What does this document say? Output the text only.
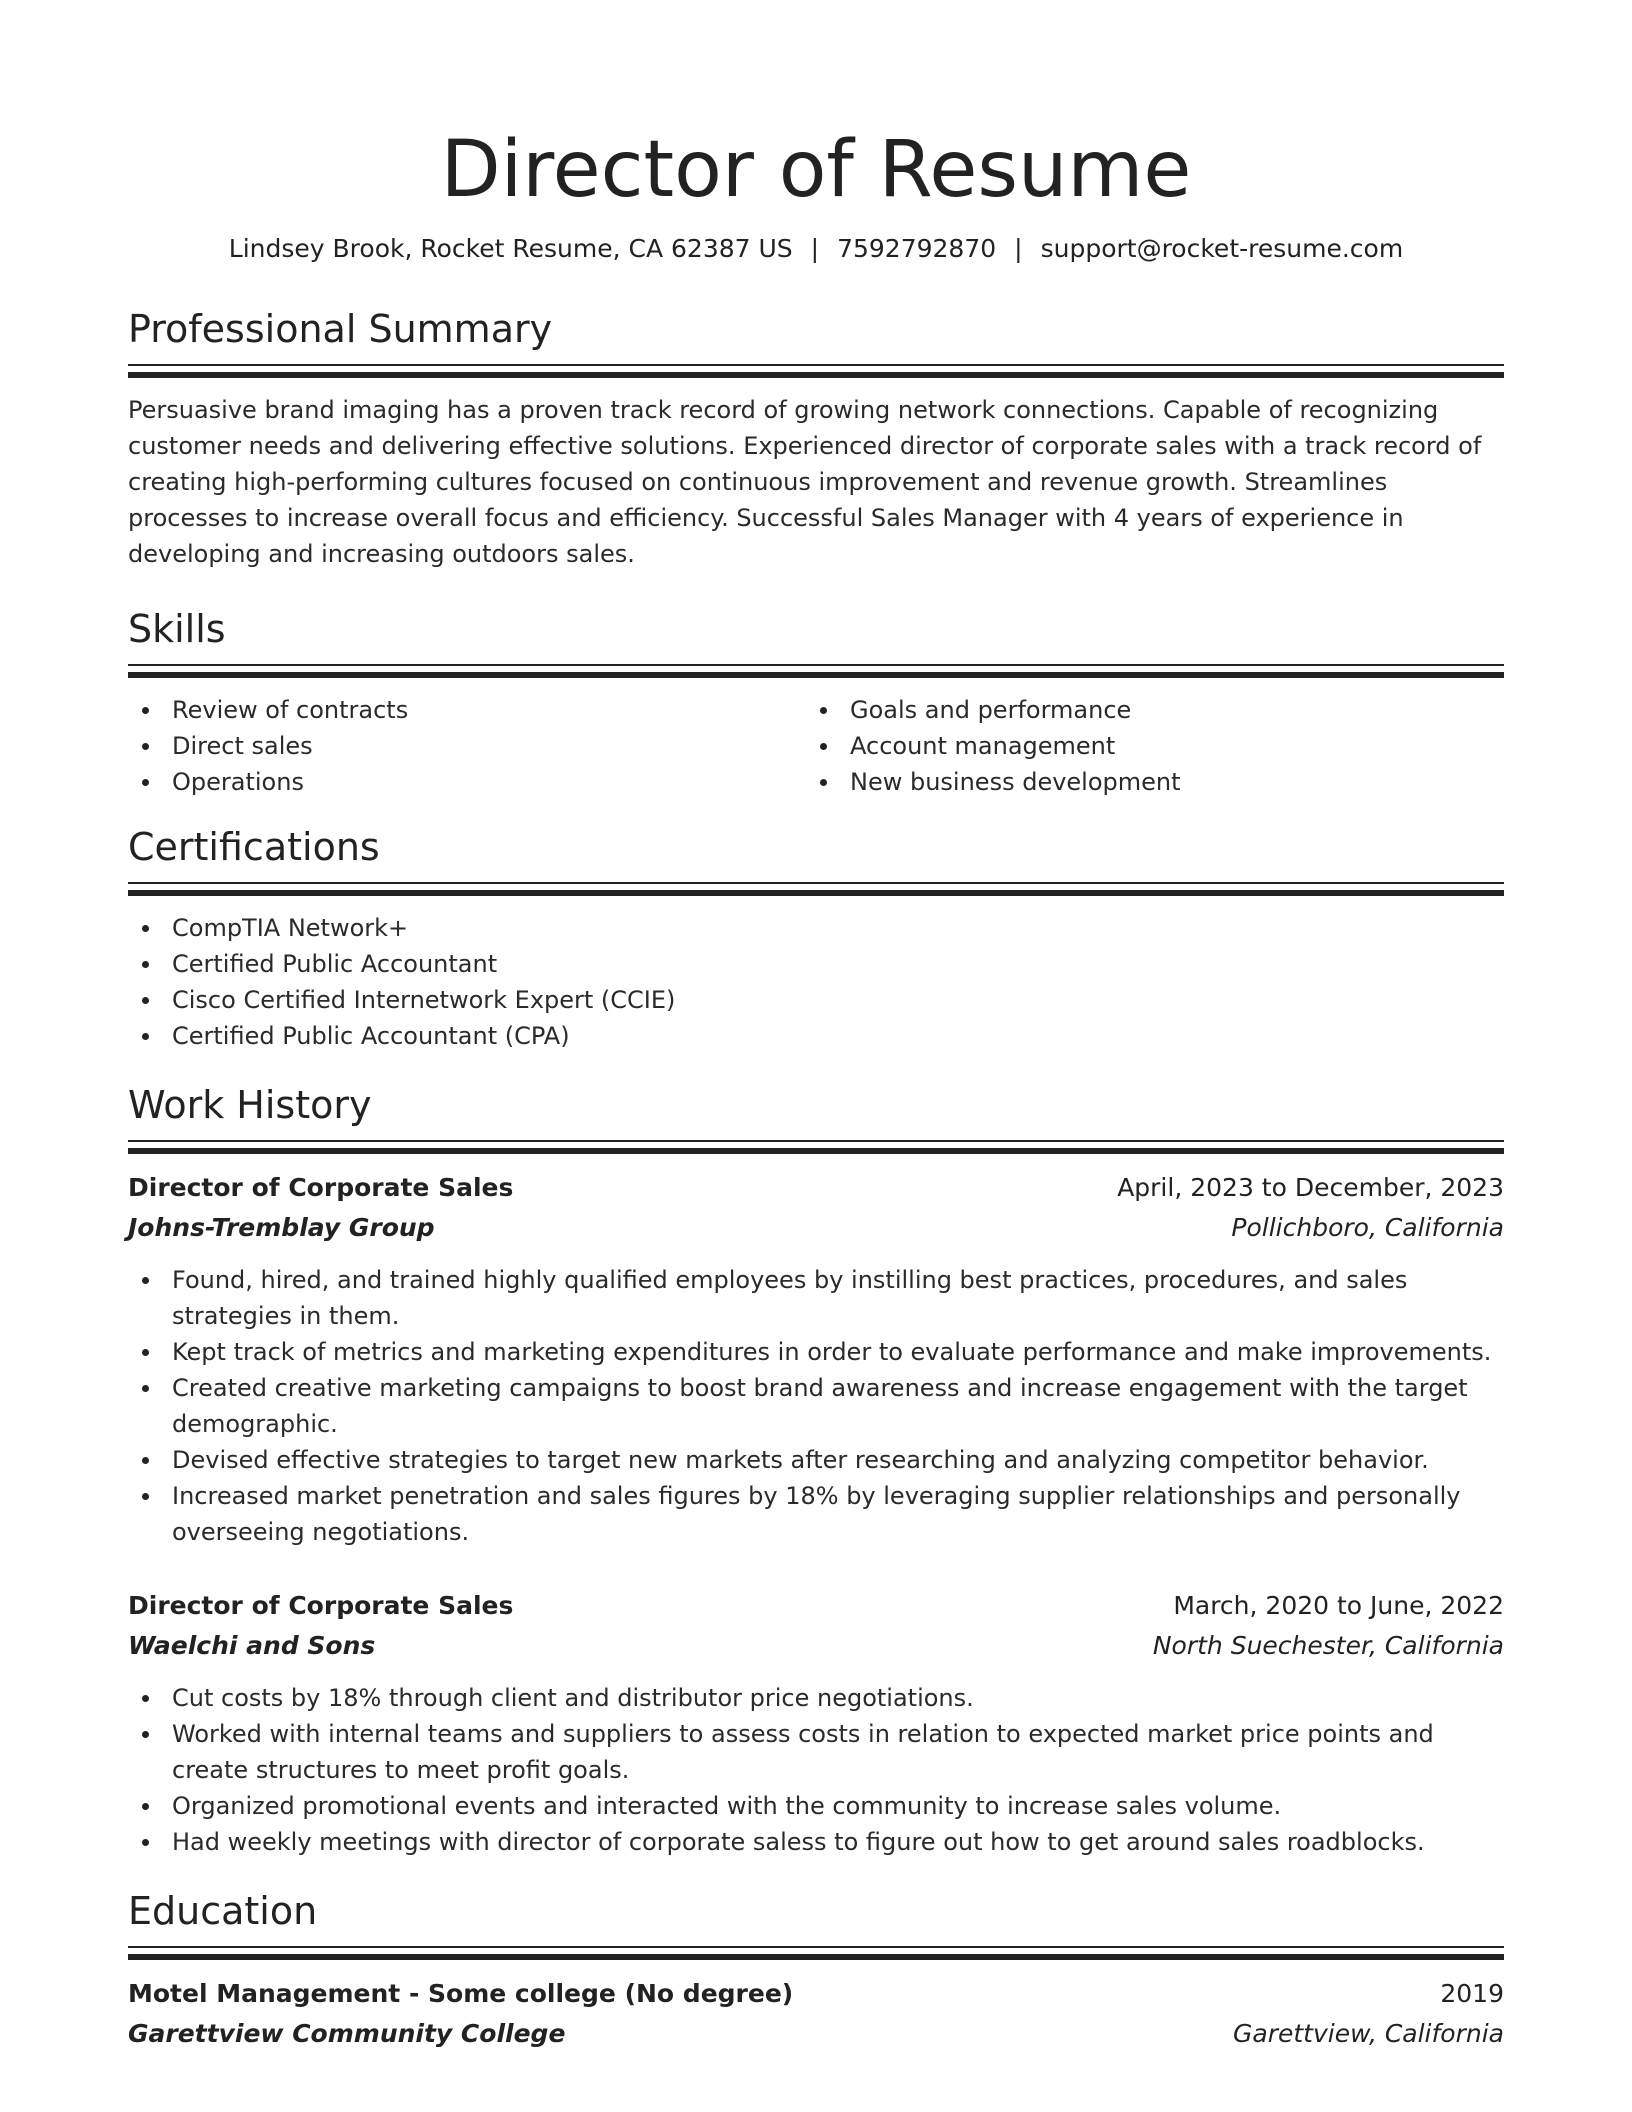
Director of Resume
Lindsey Brook, Rocket Resume, CA 62387 US | 7592792870 | support@rocket-resume.com
Professional Summary

Persuasive brand imaging has a proven track record of growing network connections. Capable of recognizing customer needs and delivering effective solutions. Experienced director of corporate sales with a track record of creating high-performing cultures focused on continuous improvement and revenue growth. Streamlines processes to increase overall focus and efficiency. Successful Sales Manager with 4 years of experience in developing and increasing outdoors sales.

Skills
Review of contracts
Direct sales
Operations
Goals and performance
Account management
New business development
Certifications
CompTIA Network+
Certified Public Accountant
Cisco Certified Internetwork Expert (CCIE)
Certified Public Accountant (CPA)
Work History
Director of Corporate Sales	April, 2023 to December, 2023
Johns-Tremblay Group	Pollichboro, California
Found, hired, and trained highly qualified employees by instilling best practices, procedures, and sales strategies in them.
Kept track of metrics and marketing expenditures in order to evaluate performance and make improvements.
Created creative marketing campaigns to boost brand awareness and increase engagement with the target demographic.
Devised effective strategies to target new markets after researching and analyzing competitor behavior.
Increased market penetration and sales figures by 18% by leveraging supplier relationships and personally overseeing negotiations.
Director of Corporate Sales	March, 2020 to June, 2022
Waelchi and Sons	North Suechester, California
Cut costs by 18% through client and distributor price negotiations.
Worked with internal teams and suppliers to assess costs in relation to expected market price points and create structures to meet profit goals.
Organized promotional events and interacted with the community to increase sales volume.
Had weekly meetings with director of corporate saless to figure out how to get around sales roadblocks.
Education
Motel Management - Some college (No degree)	2019
Garettview Community College	Garettview, California
